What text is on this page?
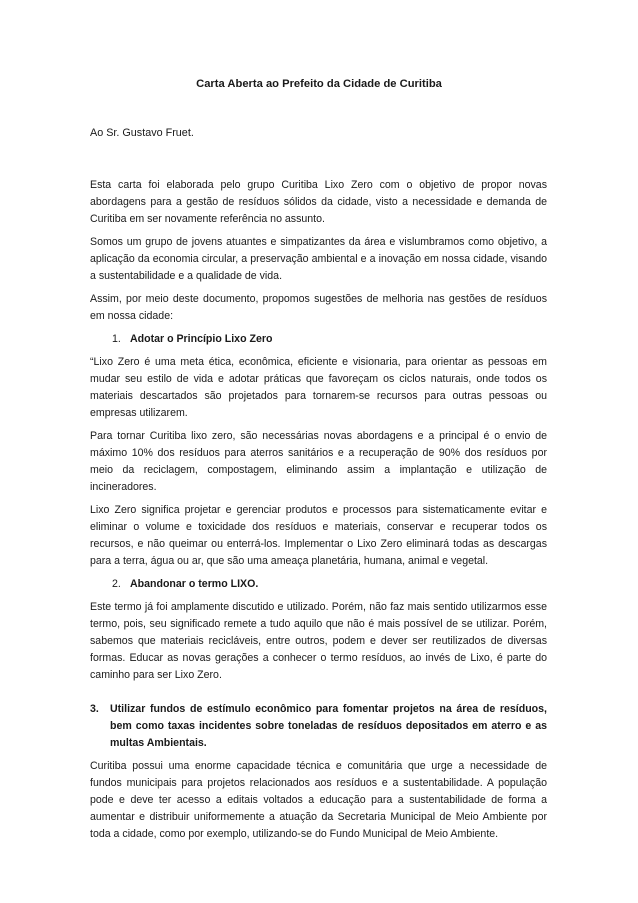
Carta Aberta ao Prefeito da Cidade de Curitiba
Ao Sr. Gustavo Fruet.

Esta carta foi elaborada pelo grupo Curitiba Lixo Zero com o objetivo de propor novas abordagens para a gestão de resíduos sólidos da cidade, visto a necessidade e demanda de Curitiba em ser novamente referência no assunto.

Somos um grupo de jovens atuantes e simpatizantes da área e vislumbramos como objetivo, a aplicação da economia circular, a preservação ambiental e a inovação em nossa cidade, visando a sustentabilidade e a qualidade de vida.

Assim, por meio deste documento, propomos sugestões de melhoria nas gestões de resíduos em nossa cidade:

1. Adotar o Princípio Lixo Zero

“Lixo Zero é uma meta ética, econômica, eficiente e visionaria, para orientar as pessoas em mudar seu estilo de vida e adotar práticas que favoreçam os ciclos naturais, onde todos os materiais descartados são projetados para tornarem-se recursos para outras pessoas ou empresas utilizarem.

Para tornar Curitiba lixo zero, são necessárias novas abordagens e a principal é o envio de máximo 10% dos resíduos para aterros sanitários e a recuperação de 90% dos resíduos por meio da reciclagem, compostagem, eliminando assim a implantação e utilização de incineradores.

Lixo Zero significa projetar e gerenciar produtos e processos para sistematicamente evitar e eliminar o volume e toxicidade dos resíduos e materiais, conservar e recuperar todos os recursos, e não queimar ou enterrá-los. Implementar o Lixo Zero eliminará todas as descargas para a terra, água ou ar, que são uma ameaça planetária, humana, animal e vegetal.

2. Abandonar o termo LIXO.

Este termo já foi amplamente discutido e utilizado. Porém, não faz mais sentido utilizarmos esse termo, pois, seu significado remete a tudo aquilo que não é mais possível de se utilizar. Porém, sabemos que materiais recicláveis, entre outros, podem e dever ser reutilizados de diversas formas. Educar as novas gerações a conhecer o termo resíduos, ao invés de Lixo, é parte do caminho para ser Lixo Zero.

3. Utilizar fundos de estímulo econômico para fomentar projetos na área de resíduos, bem como taxas incidentes sobre toneladas de resíduos depositados em aterro e as multas Ambientais.

Curitiba possui uma enorme capacidade técnica e comunitária que urge a necessidade de fundos municipais para projetos relacionados aos resíduos e a sustentabilidade. A população pode e deve ter acesso a editais voltados a educação para a sustentabilidade de forma a aumentar e distribuir uniformemente a atuação da Secretaria Municipal de Meio Ambiente por toda a cidade, como por exemplo, utilizando-se do Fundo Municipal de Meio Ambiente.
